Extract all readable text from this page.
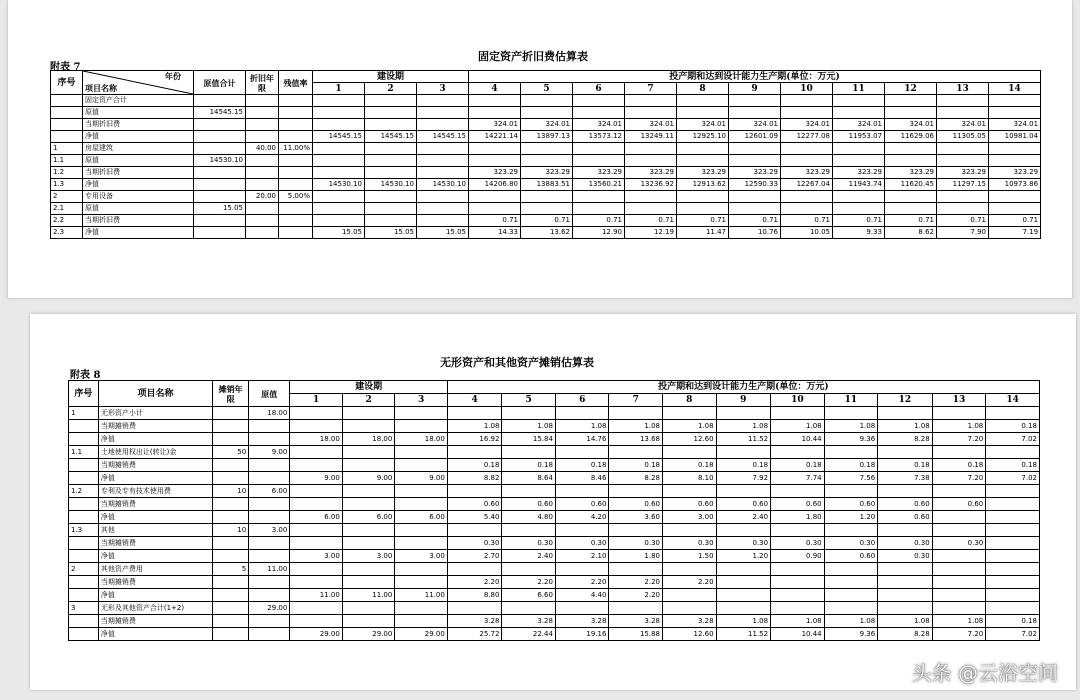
固定资产折旧费估算表
附表 7
序号	年份
项目名称	原值合计	折旧年限	残值率	建设期			投产期和达到设计能力生产期(单位：万元)										
					1	2	3	4	5	6	7	8	9	10	11	12	13	14
	固定资产合计																	
	原值	14545.15																
	当期折旧费							324.01	324.01	324.01	324.01	324.01	324.01	324.01	324.01	324.01	324.01	324.01
	净值				14545.15	14545.15	14545.15	14221.14	13897.13	13573.12	13249.11	12925.10	12601.09	12277.08	11953.07	11629.06	11305.05	10981.04
1	房屋建筑		40.00	11.00%														
1.1	原值	14530.10																
1.2	当期折旧费							323.29	323.29	323.29	323.29	323.29	323.29	323.29	323.29	323.29	323.29	323.29
1.3	净值				14530.10	14530.10	14530.10	14206.80	13883.51	13560.21	13236.92	12913.62	12590.33	12267.04	11943.74	11620.45	11297.15	10973.86
2	专用设备		20.00	5.00%														
2.1	原值	15.05																
2.2	当期折旧费							0.71	0.71	0.71	0.71	0.71	0.71	0.71	0.71	0.71	0.71	0.71
2.3	净值				15.05	15.05	15.05	14.33	13.62	12.90	12.19	11.47	10.76	10.05	9.33	8.62	7.90	7.19
无形资产和其他资产摊销估算表
附表 8
序号	项目名称	摊销年限	原值	建设期			投产期和达到设计能力生产期(单位：万元)										
				1	2	3	4	5	6	7	8	9	10	11	12	13	14
1	无形资产小计		18.00														
	当期摊销费						1.08	1.08	1.08	1.08	1.08	1.08	1.08	1.08	1.08	1.08	0.18
	净值			18.00	18.00	18.00	16.92	15.84	14.76	13.68	12.60	11.52	10.44	9.36	8.28	7.20	7.02
1.1	土地使用权出让(转让)金	50	9.00														
	当期摊销费						0.18	0.18	0.18	0.18	0.18	0.18	0.18	0.18	0.18	0.18	0.18
	净值			9.00	9.00	9.00	8.82	8.64	8.46	8.28	8.10	7.92	7.74	7.56	7.38	7.20	7.02
1.2	专利及专有技术使用费	10	6.00														
	当期摊销费						0.60	0.60	0.60	0.60	0.60	0.60	0.60	0.60	0.60	0.60	
	净值			6.00	6.00	6.00	5.40	4.80	4.20	3.60	3.00	2.40	1.80	1.20	0.60		
1.3	其他	10	3.00														
	当期摊销费						0.30	0.30	0.30	0.30	0.30	0.30	0.30	0.30	0.30	0.30	
	净值			3.00	3.00	3.00	2.70	2.40	2.10	1.80	1.50	1.20	0.90	0.60	0.30		
2	其他资产费用	5	11.00														
	当期摊销费						2.20	2.20	2.20	2.20	2.20						
	净值			11.00	11.00	11.00	8.80	6.60	4.40	2.20							
3	无形及其他资产合计(1+2)		29.00														
	当期摊销费						3.28	3.28	3.28	3.28	3.28	1.08	1.08	1.08	1.08	1.08	0.18
	净值			29.00	29.00	29.00	25.72	22.44	19.16	15.88	12.60	11.52	10.44	9.36	8.28	7.20	7.02
头条 @云浴空间
